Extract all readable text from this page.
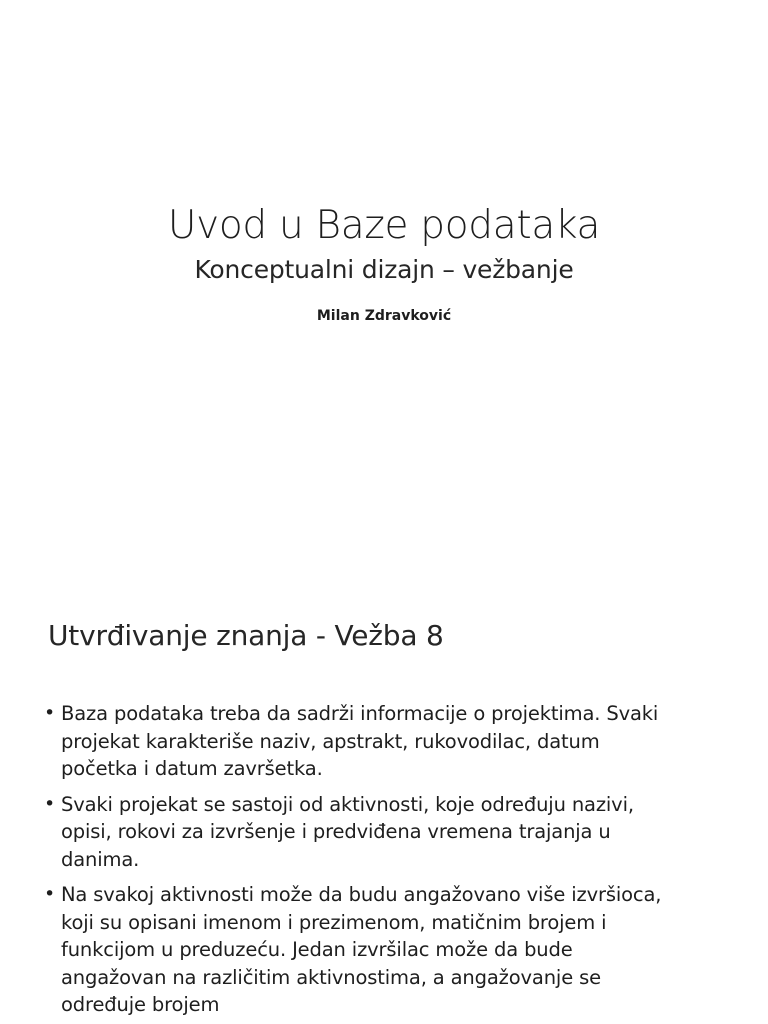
Uvod u Baze podataka
Konceptualni dizajn – vežbanje
Milan Zdravković
Utvrđivanje znanja - Vežba 8
• Baza podataka treba da sadrži informacije o projektima. Svaki projekat karakteriše naziv, apstrakt, rukovodilac, datum početka i datum završetka.
• Svaki projekat se sastoji od aktivnosti, koje određuju nazivi, opisi, rokovi za izvršenje i predviđena vremena trajanja u danima.
• Na svakoj aktivnosti može da budu angažovano više izvršioca, koji su opisani imenom i prezimenom, matičnim brojem i funkcijom u preduzeću. Jedan izvršilac može da bude angažovan na različitim aktivnostima, a angažovanje se određuje brojem
